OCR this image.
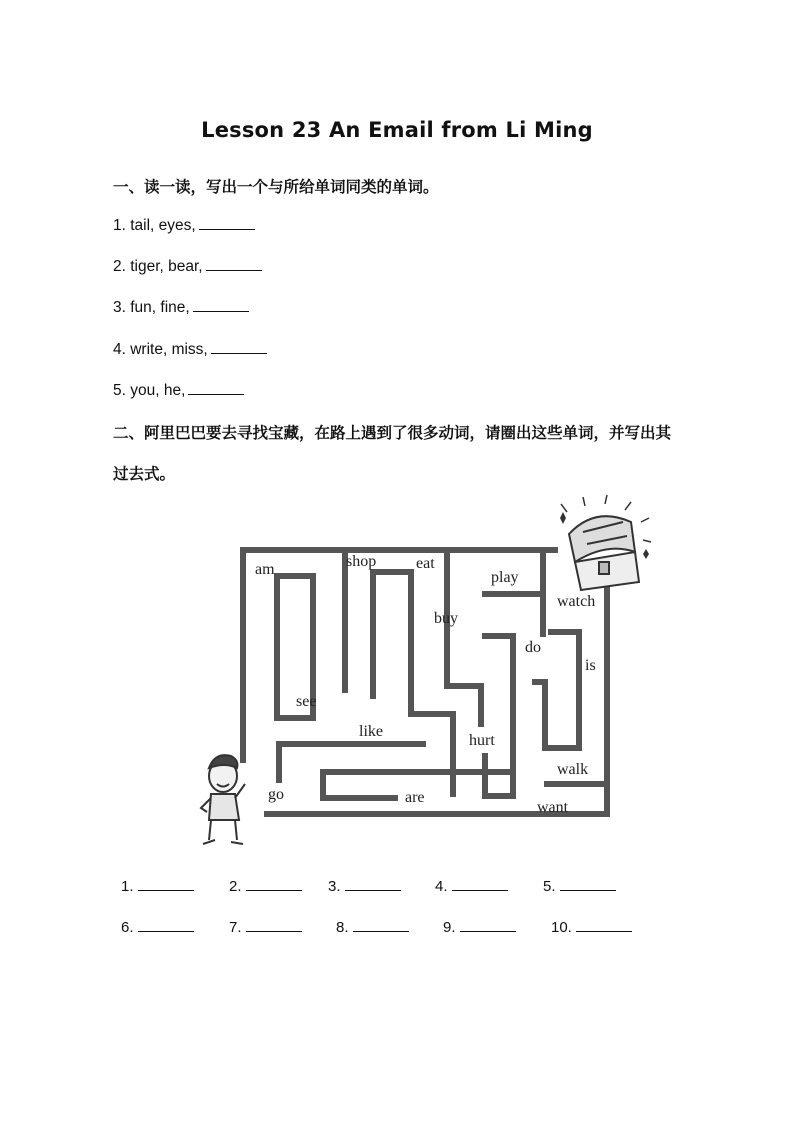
Lesson 23 An Email from Li Ming
一、读一读，写出一个与所给单词同类的单词。
1. tail, eyes,
2. tiger, bear,
3. fun, fine,
4. write, miss,
5. you, he,
二、阿里巴巴要去寻找宝藏，在路上遇到了很多动词，请圈出这些单词，并写出其
过去式。
am	shop eat
play
watch
buy
do
is
see
like
hurt
walk
go	are
want
1.	2.	3.	4.	5.
6.	7.	8.	9.	10.
